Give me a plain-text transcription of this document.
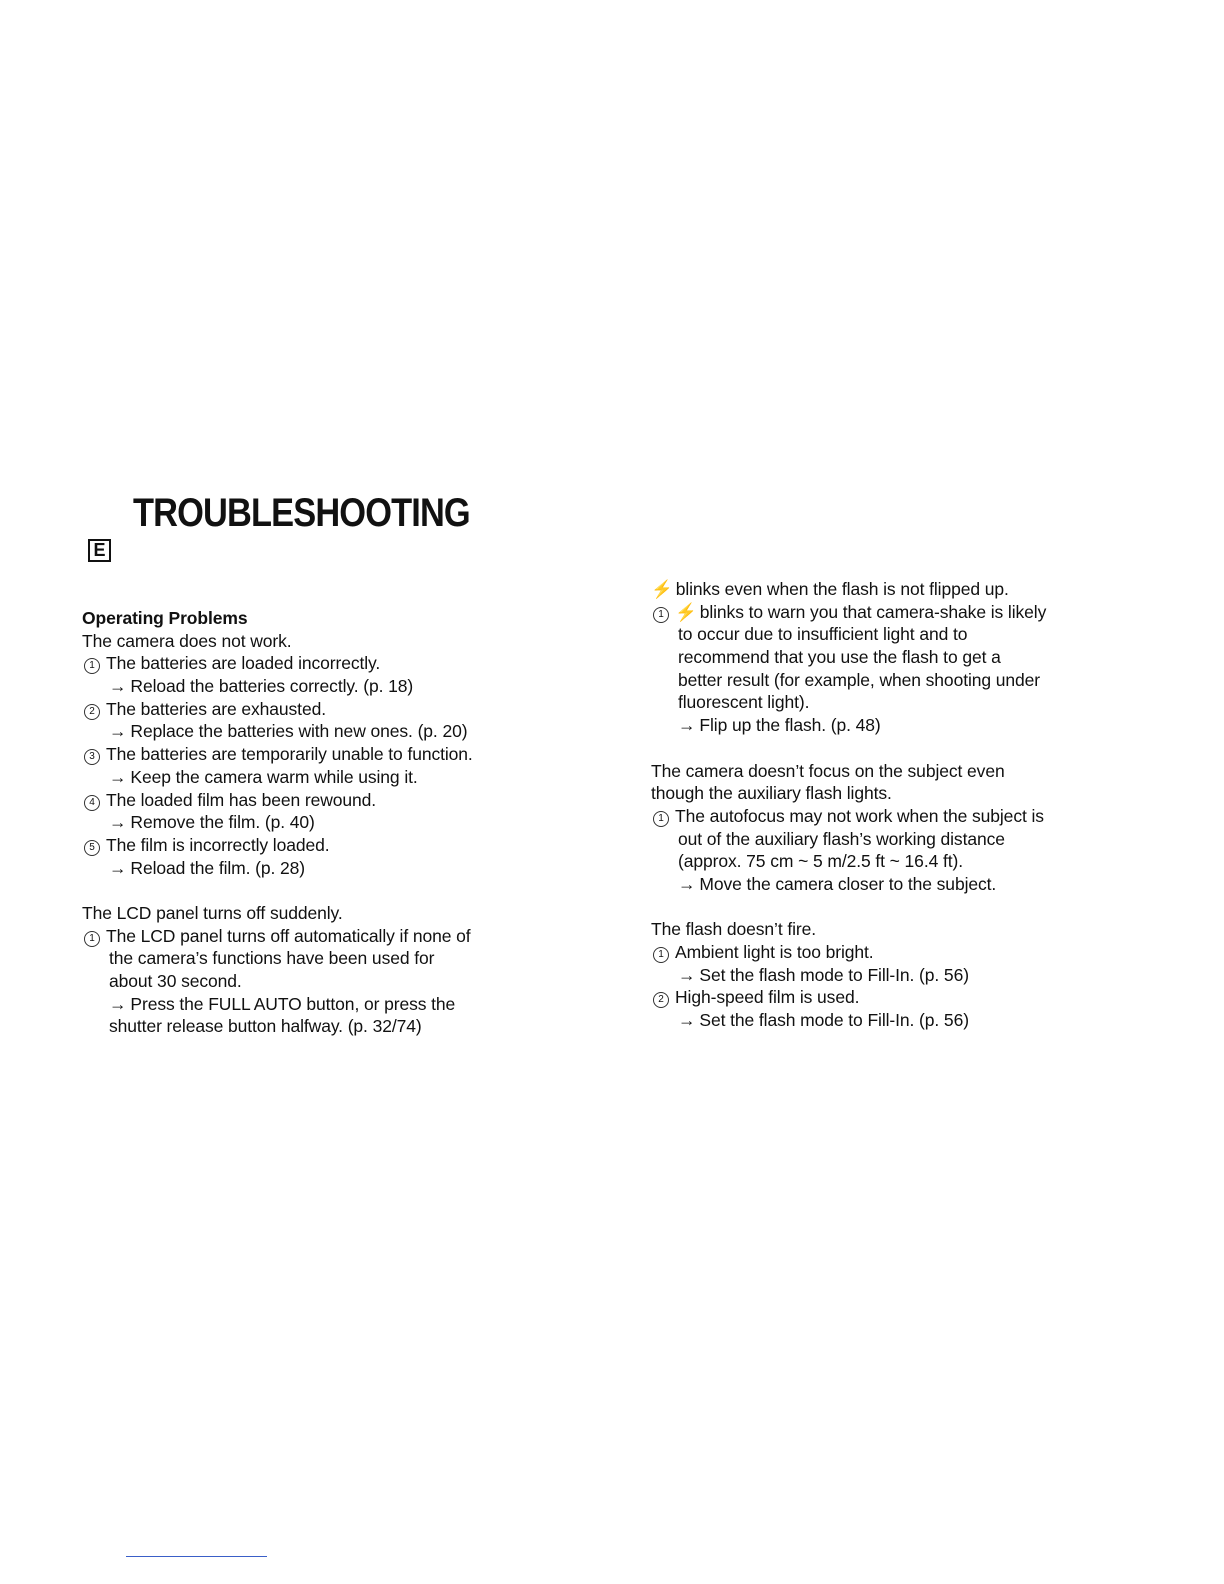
TROUBLESHOOTING
E
Operating Problems
The camera does not work.
1 The batteries are loaded incorrectly.
→ Reload the batteries correctly. (p. 18)
2 The batteries are exhausted.
→ Replace the batteries with new ones. (p. 20)
3 The batteries are temporarily unable to function.
→ Keep the camera warm while using it.
4 The loaded film has been rewound.
→ Remove the film. (p. 40)
5 The film is incorrectly loaded.
→ Reload the film. (p. 28)
The LCD panel turns off suddenly.
1 The LCD panel turns off automatically if none of
the camera’s functions have been used for
about 30 second.
→ Press the FULL AUTO button, or press the
shutter release button halfway. (p. 32/74)
⚡ blinks even when the flash is not flipped up.
1 ⚡ blinks to warn you that camera-shake is likely
to occur due to insufficient light and to
recommend that you use the flash to get a
better result (for example, when shooting under
fluorescent light).
→ Flip up the flash. (p. 48)
The camera doesn’t focus on the subject even
though the auxiliary flash lights.
1 The autofocus may not work when the subject is
out of the auxiliary flash’s working distance
(approx. 75 cm ~ 5 m/2.5 ft ~ 16.4 ft).
→ Move the camera closer to the subject.
The flash doesn’t fire.
1 Ambient light is too bright.
→ Set the flash mode to Fill-In. (p. 56)
2 High-speed film is used.
→ Set the flash mode to Fill-In. (p. 56)
